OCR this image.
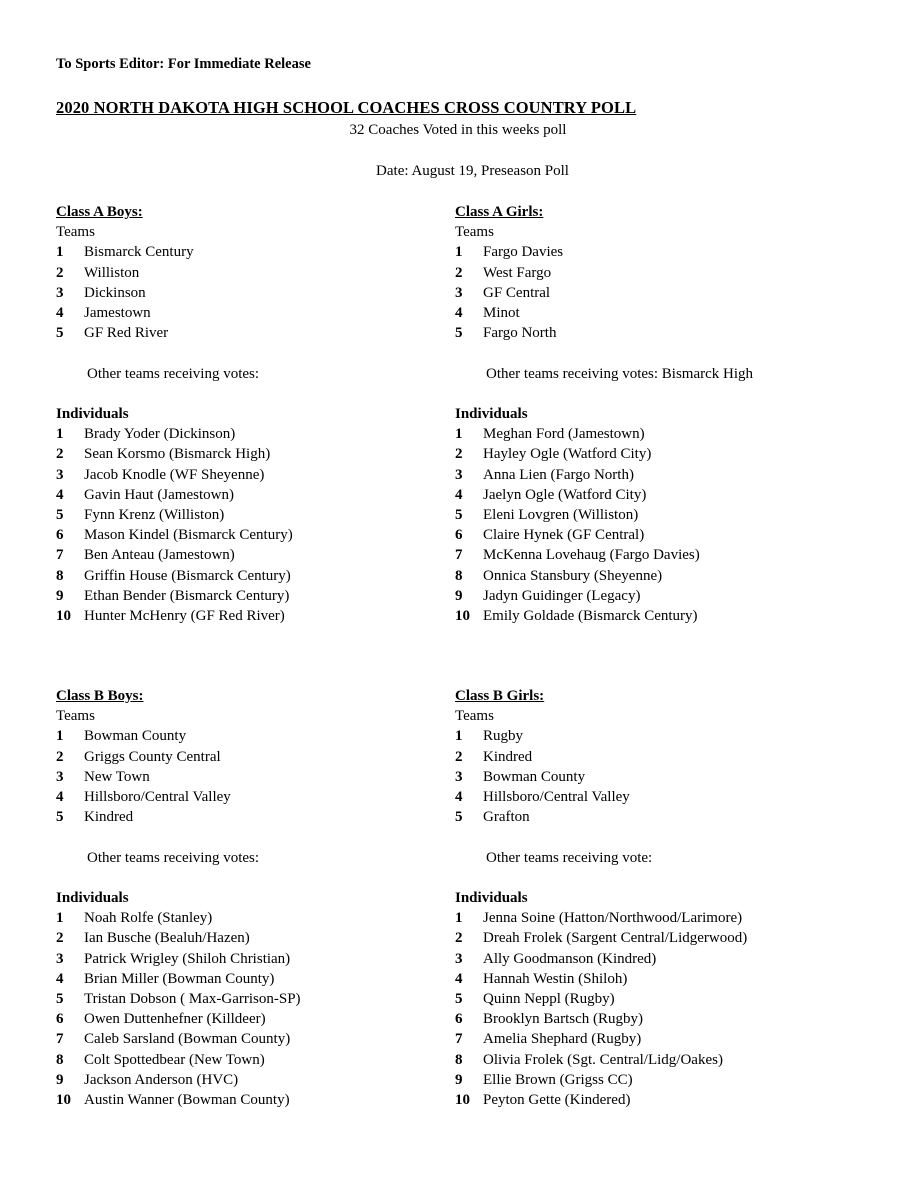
To Sports Editor: For Immediate Release
2020 NORTH DAKOTA HIGH SCHOOL COACHES CROSS COUNTRY POLL
32 Coaches Voted in this weeks poll
Date: August 19, Preseason Poll
Class A Boys:
Teams
1	Bismarck Century
2	Williston
3	Dickinson
4	Jamestown
5	GF Red River
Other teams receiving votes:
Individuals
1	Brady Yoder (Dickinson)
2	Sean Korsmo (Bismarck High)
3	Jacob Knodle (WF Sheyenne)
4	Gavin Haut (Jamestown)
5	Fynn Krenz (Williston)
6	Mason Kindel (Bismarck Century)
7	Ben Anteau (Jamestown)
8	Griffin House (Bismarck Century)
9	Ethan Bender (Bismarck Century)
10 Hunter McHenry (GF Red River)
Class A Girls:
Teams
1	Fargo Davies
2	West Fargo
3	GF Central
4	Minot
5	Fargo North
Other teams receiving votes: Bismarck High
Individuals
1	Meghan Ford (Jamestown)
2	Hayley Ogle (Watford City)
3	Anna Lien (Fargo North)
4	Jaelyn Ogle (Watford City)
5	Eleni Lovgren (Williston)
6	Claire Hynek (GF Central)
7	McKenna Lovehaug (Fargo Davies)
8	Onnica Stansbury (Sheyenne)
9	Jadyn Guidinger (Legacy)
10 Emily Goldade (Bismarck Century)
Class B Boys:
Teams
1	Bowman County
2	Griggs County Central
3	New Town
4	Hillsboro/Central Valley
5	Kindred
Other teams receiving votes:
Individuals
1	Noah Rolfe (Stanley)
2	Ian Busche (Bealuh/Hazen)
3	Patrick Wrigley (Shiloh Christian)
4	Brian Miller (Bowman County)
5	Tristan Dobson ( Max-Garrison-SP)
6	Owen Duttenhefner (Killdeer)
7	Caleb Sarsland (Bowman County)
8	Colt Spottedbear (New Town)
9	Jackson Anderson (HVC)
10 Austin Wanner (Bowman County)
Class B Girls:
Teams
1	Rugby
2	Kindred
3	Bowman County
4	Hillsboro/Central Valley
5	Grafton
Other teams receiving vote:
Individuals
1	Jenna Soine (Hatton/Northwood/Larimore)
2	Dreah Frolek (Sargent Central/Lidgerwood)
3	Ally Goodmanson (Kindred)
4	Hannah Westin (Shiloh)
5	Quinn Neppl (Rugby)
6	Brooklyn Bartsch (Rugby)
7	Amelia Shephard (Rugby)
8	Olivia Frolek (Sgt. Central/Lidg/Oakes)
9	Ellie Brown (Grigss CC)
10 Peyton Gette (Kindered)
